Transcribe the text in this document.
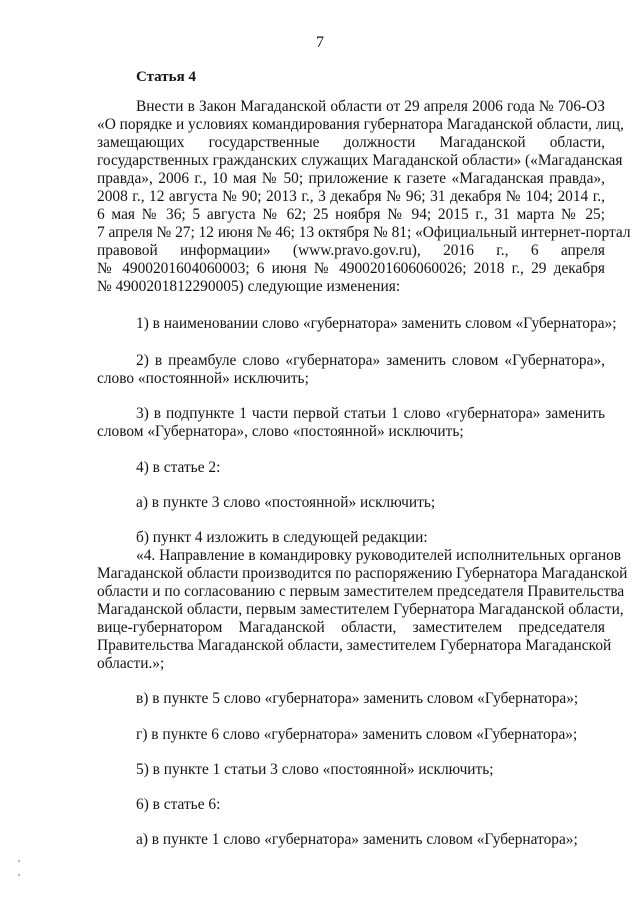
7
Статья 4
Внести в Закон Магаданской области от 29 апреля 2006 года № 706-ОЗ
«О порядке и условиях командирования губернатора Магаданской области, лиц,
замещающих государственные должности Магаданской области,
государственных гражданских служащих Магаданской области» («Магаданская
правда», 2006 г., 10 мая № 50; приложение к газете «Магаданская правда»,
2008 г., 12 августа № 90; 2013 г., 3 декабря № 96; 31 декабря № 104; 2014 г.,
6 мая № 36; 5 августа № 62; 25 ноября № 94; 2015 г., 31 марта № 25;
7 апреля № 27; 12 июня № 46; 13 октября № 81; «Официальный интернет-портал
правовой информации» (www.pravo.gov.ru), 2016 г., 6 апреля
№ 4900201604060003; 6 июня № 4900201606060026; 2018 г., 29 декабря
№ 4900201812290005) следующие изменения:
1) в наименовании слово «губернатора» заменить словом «Губернатора»;
2) в преамбуле слово «губернатора» заменить словом «Губернатора»,
слово «постоянной» исключить;
3) в подпункте 1 части первой статьи 1 слово «губернатора» заменить
словом «Губернатора», слово «постоянной» исключить;
4) в статье 2:
а) в пункте 3 слово «постоянной» исключить;
б) пункт 4 изложить в следующей редакции:
«4. Направление в командировку руководителей исполнительных органов
Магаданской области производится по распоряжению Губернатора Магаданской
области и по согласованию с первым заместителем председателя Правительства
Магаданской области, первым заместителем Губернатора Магаданской области,
вице-губернатором Магаданской области, заместителем председателя
Правительства Магаданской области, заместителем Губернатора Магаданской
области.»;
в) в пункте 5 слово «губернатора» заменить словом «Губернатора»;
г) в пункте 6 слово «губернатора» заменить словом «Губернатора»;
5) в пункте 1 статьи 3 слово «постоянной» исключить;
6) в статье 6:
а) в пункте 1 слово «губернатора» заменить словом «Губернатора»;
